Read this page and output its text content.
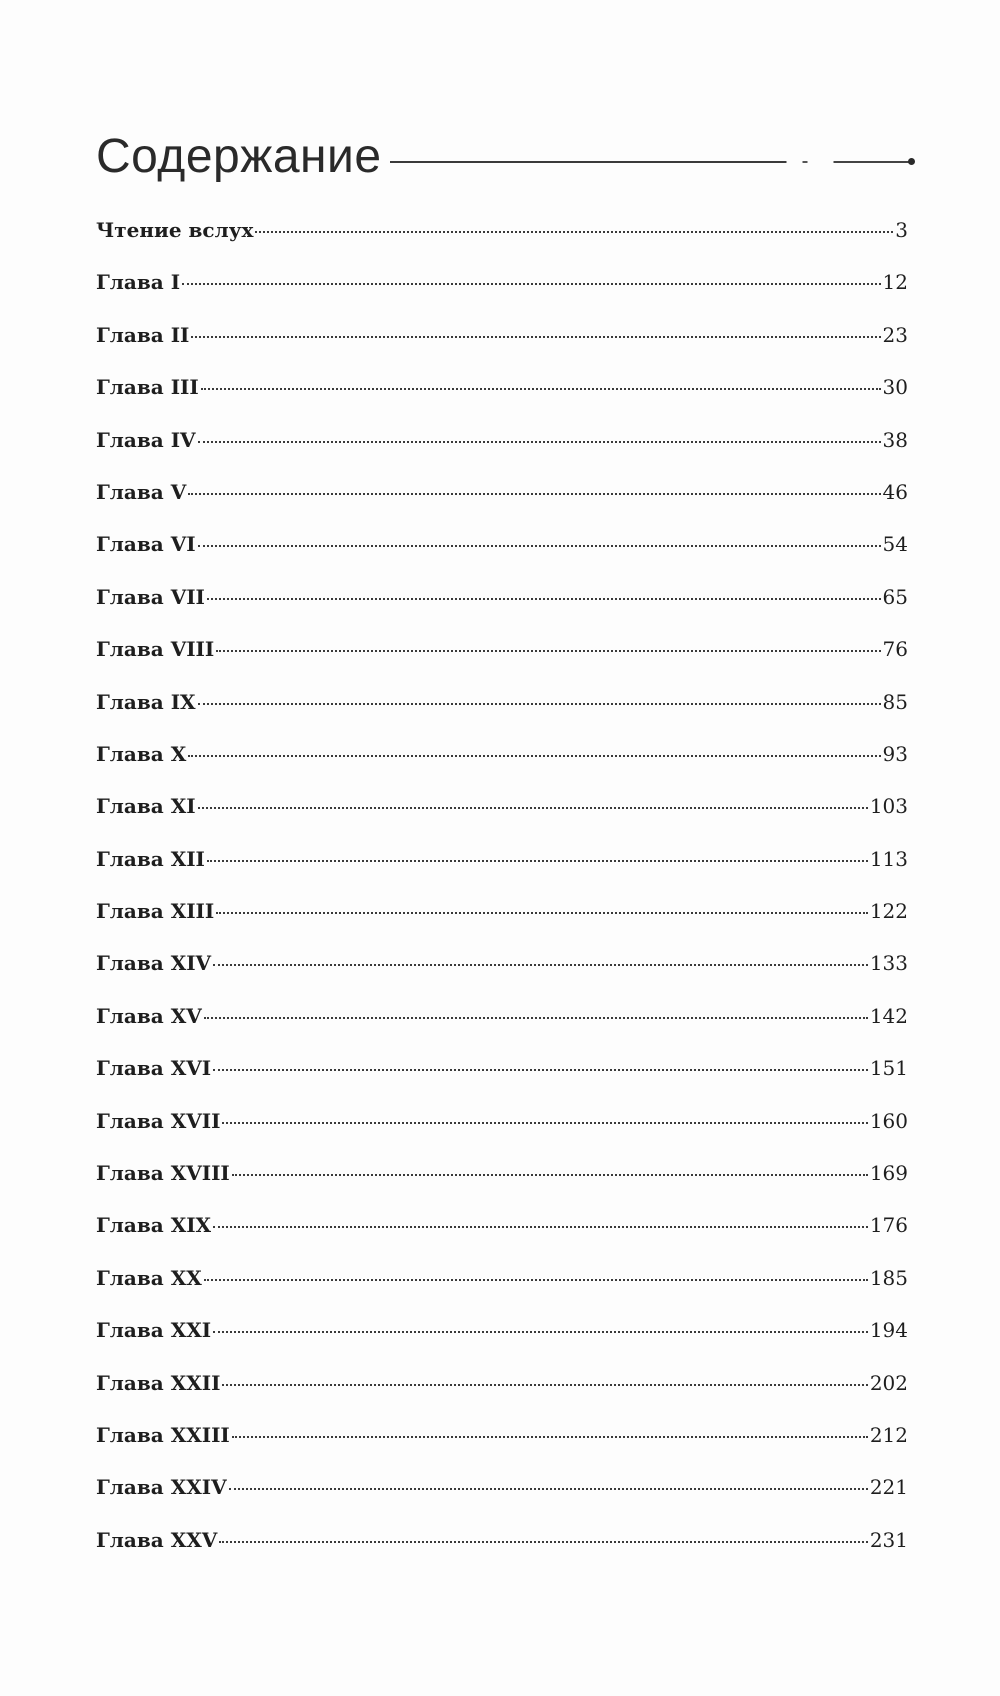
Содержание
Чтение вслух	3
Глава I	12
Глава II	23
Глава III	30
Глава IV	38
Глава V	46
Глава VI	54
Глава VII	65
Глава VIII	76
Глава IX	85
Глава X	93
Глава XI	103
Глава XII	113
Глава XIII	122
Глава XIV	133
Глава XV	142
Глава XVI	151
Глава XVII	160
Глава XVIII	169
Глава XIX	176
Глава XX	185
Глава XXI	194
Глава XXII	202
Глава XXIII	212
Глава XXIV	221
Глава XXV	231
